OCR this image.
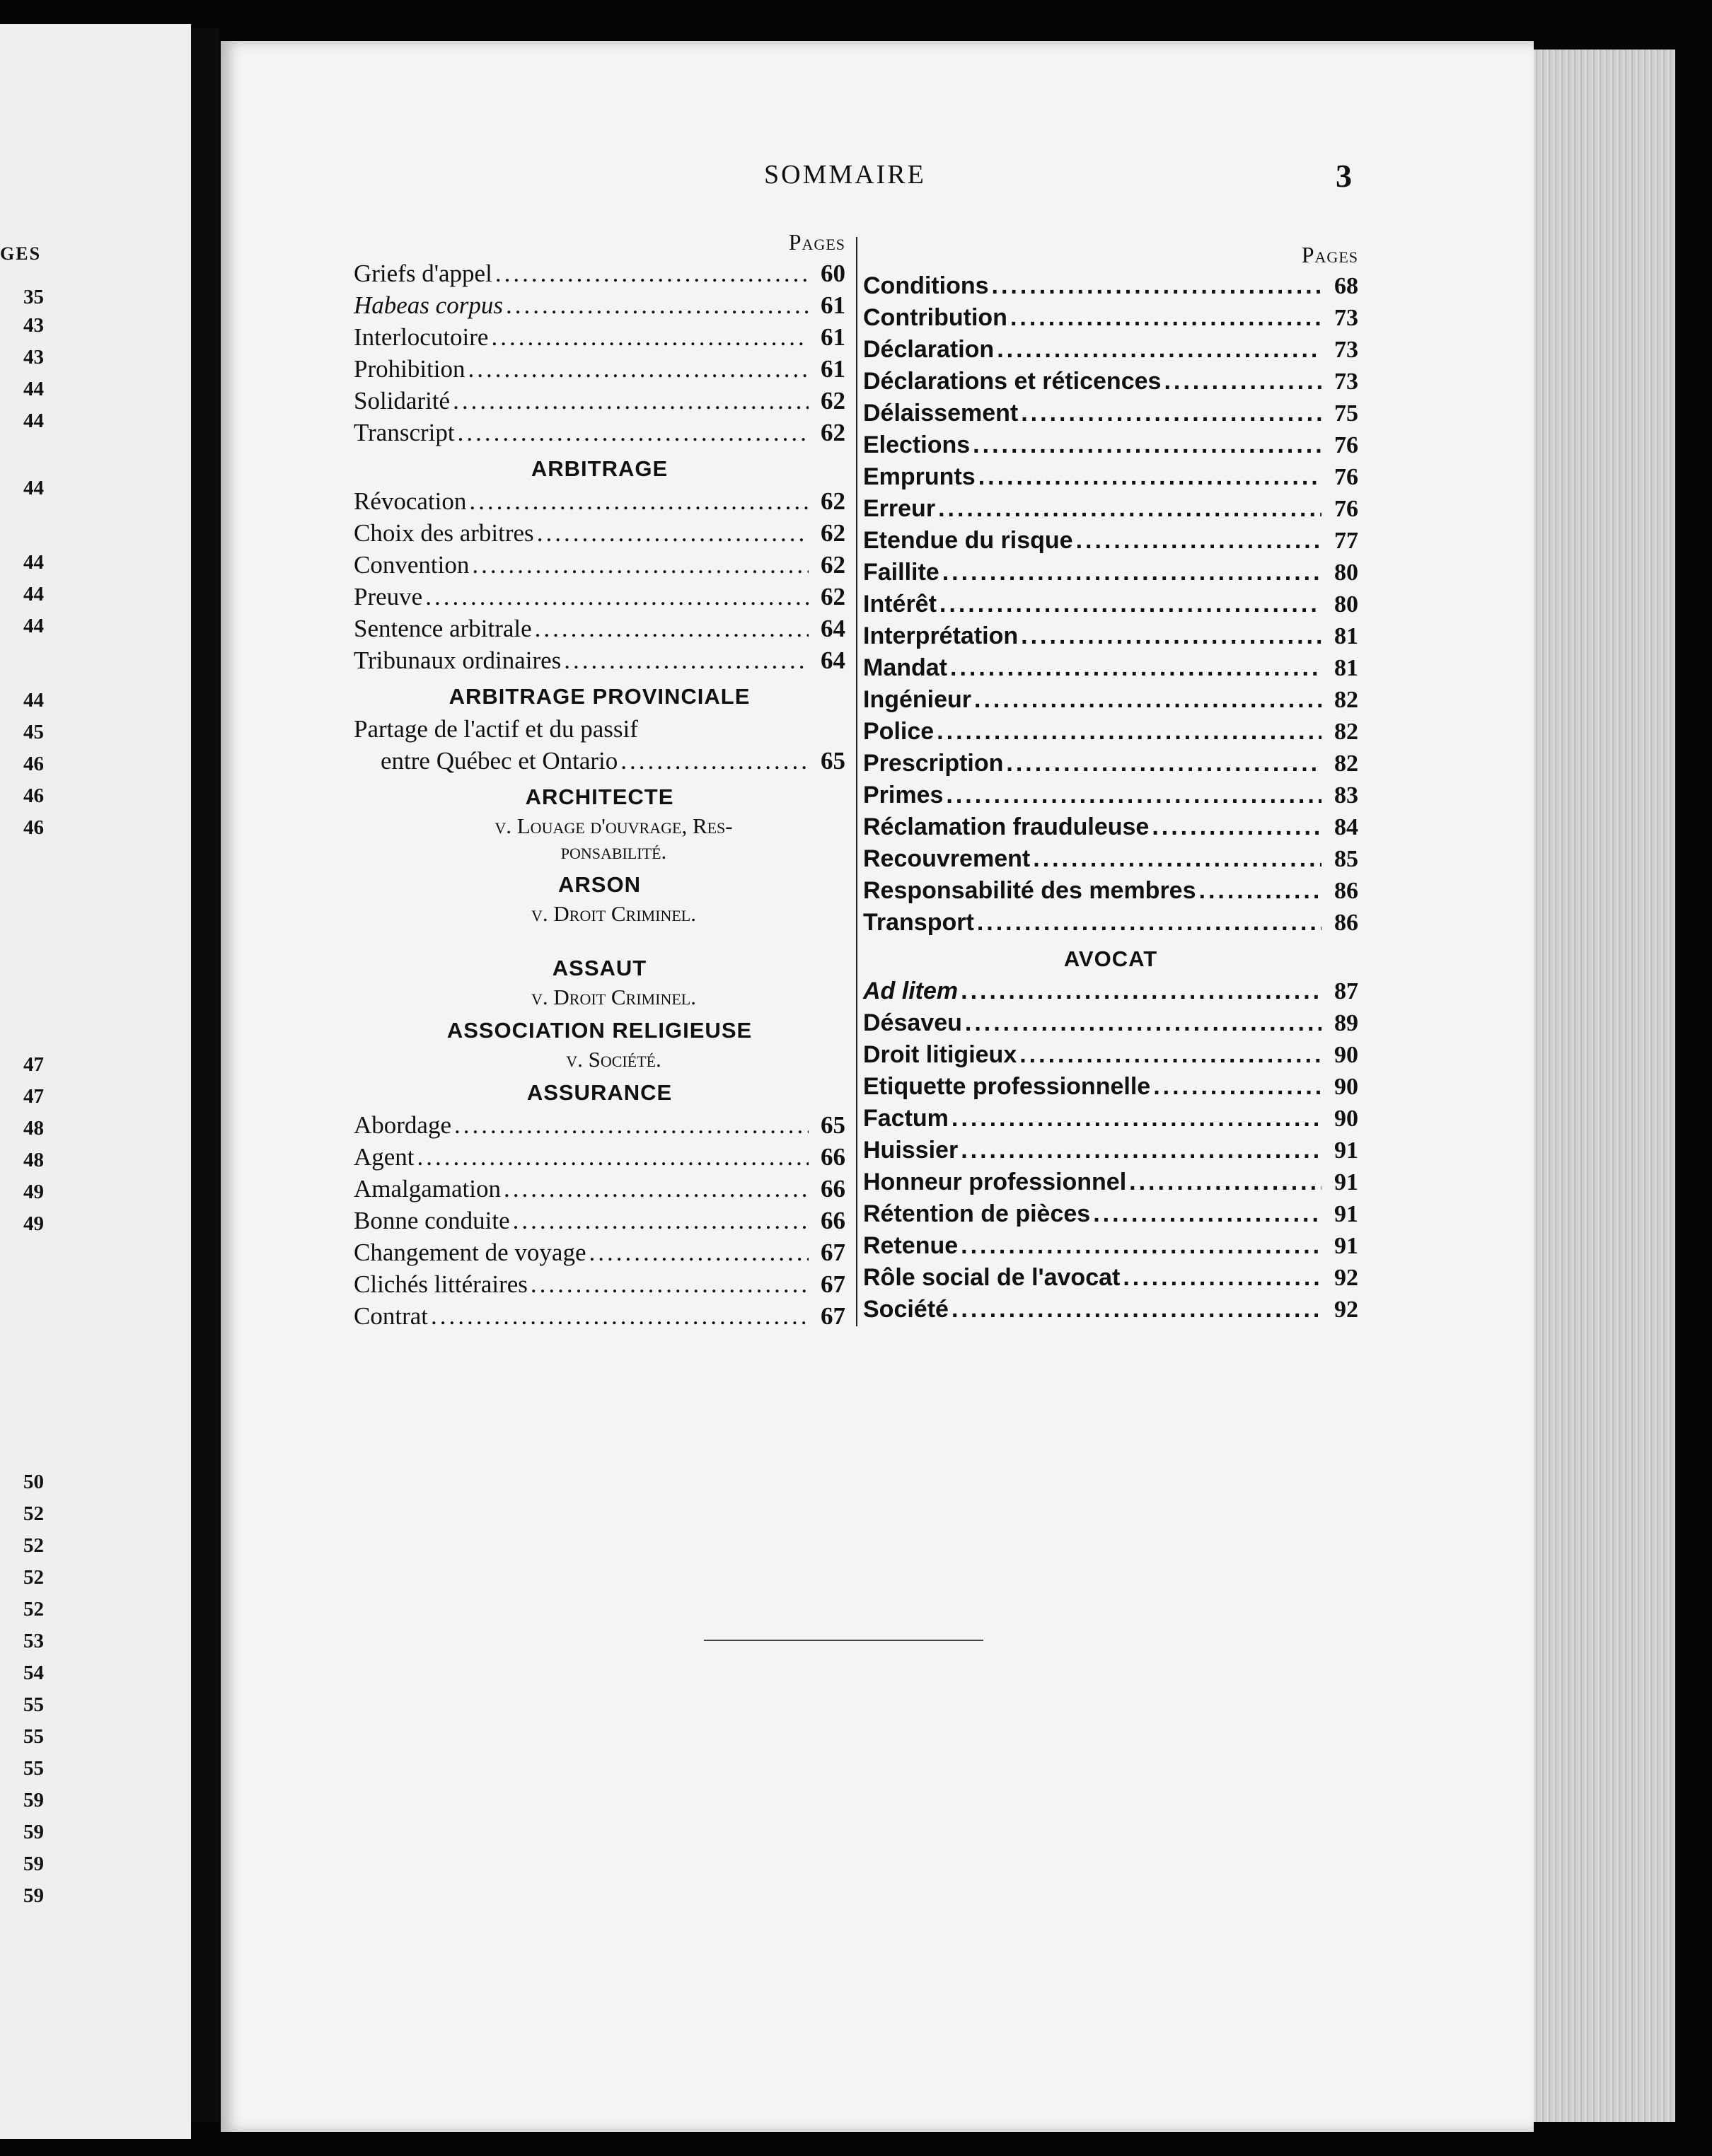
GES
35
43
43
44
44
44
44
44
44
44
45
46
46
46
47
47
48
48
49
49
50
52
52
52
52
53
54
55
55
55
59
59
59
59
SOMMAIRE	3
Pages
Griefs d'appel .....	60
Habeas corpus .....	61
Interlocutoire .....	61
Prohibition .....	61
Solidarité .....	62
Transcript .....	62
ARBITRAGE
Révocation .....	62
Choix des arbitres .....	62
Convention .....	62
Preuve .....	62
Sentence arbitrale .....	64
Tribunaux ordinaires .....	64
ARBITRAGE PROVINCIALE
Partage de l'actif et du passif
entre Québec et Ontario .....	65
ARCHITECTE
v. Louage d'ouvrage, Res-
ponsabilité.
ARSON
v. Droit Criminel.
ASSAUT
v. Droit Criminel.
ASSOCIATION RELIGIEUSE
v. Société.
ASSURANCE
Abordage .....	65
Agent .....	66
Amalgamation .....	66
Bonne conduite .....	66
Changement de voyage .....	67
Clichés littéraires .....	67
Contrat .....	67
Pages
Conditions .....	68
Contribution .....	73
Déclaration .....	73
Déclarations et réticences .....	73
Délaissement .....	75
Elections .....	76
Emprunts .....	76
Erreur .....	76
Etendue du risque .....	77
Faillite .....	80
Intérêt .....	80
Interprétation .....	81
Mandat .....	81
Ingénieur .....	82
Police .....	82
Prescription .....	82
Primes .....	83
Réclamation frauduleuse .....	84
Recouvrement .....	85
Responsabilité des membres .....	86
Transport .....	86
AVOCAT
Ad litem .....	87
Désaveu .....	89
Droit litigieux .....	90
Etiquette professionnelle .....	90
Factum .....	90
Huissier .....	91
Honneur professionnel .....	91
Rétention de pièces .....	91
Retenue .....	91
Rôle social de l'avocat .....	92
Société .....	92
